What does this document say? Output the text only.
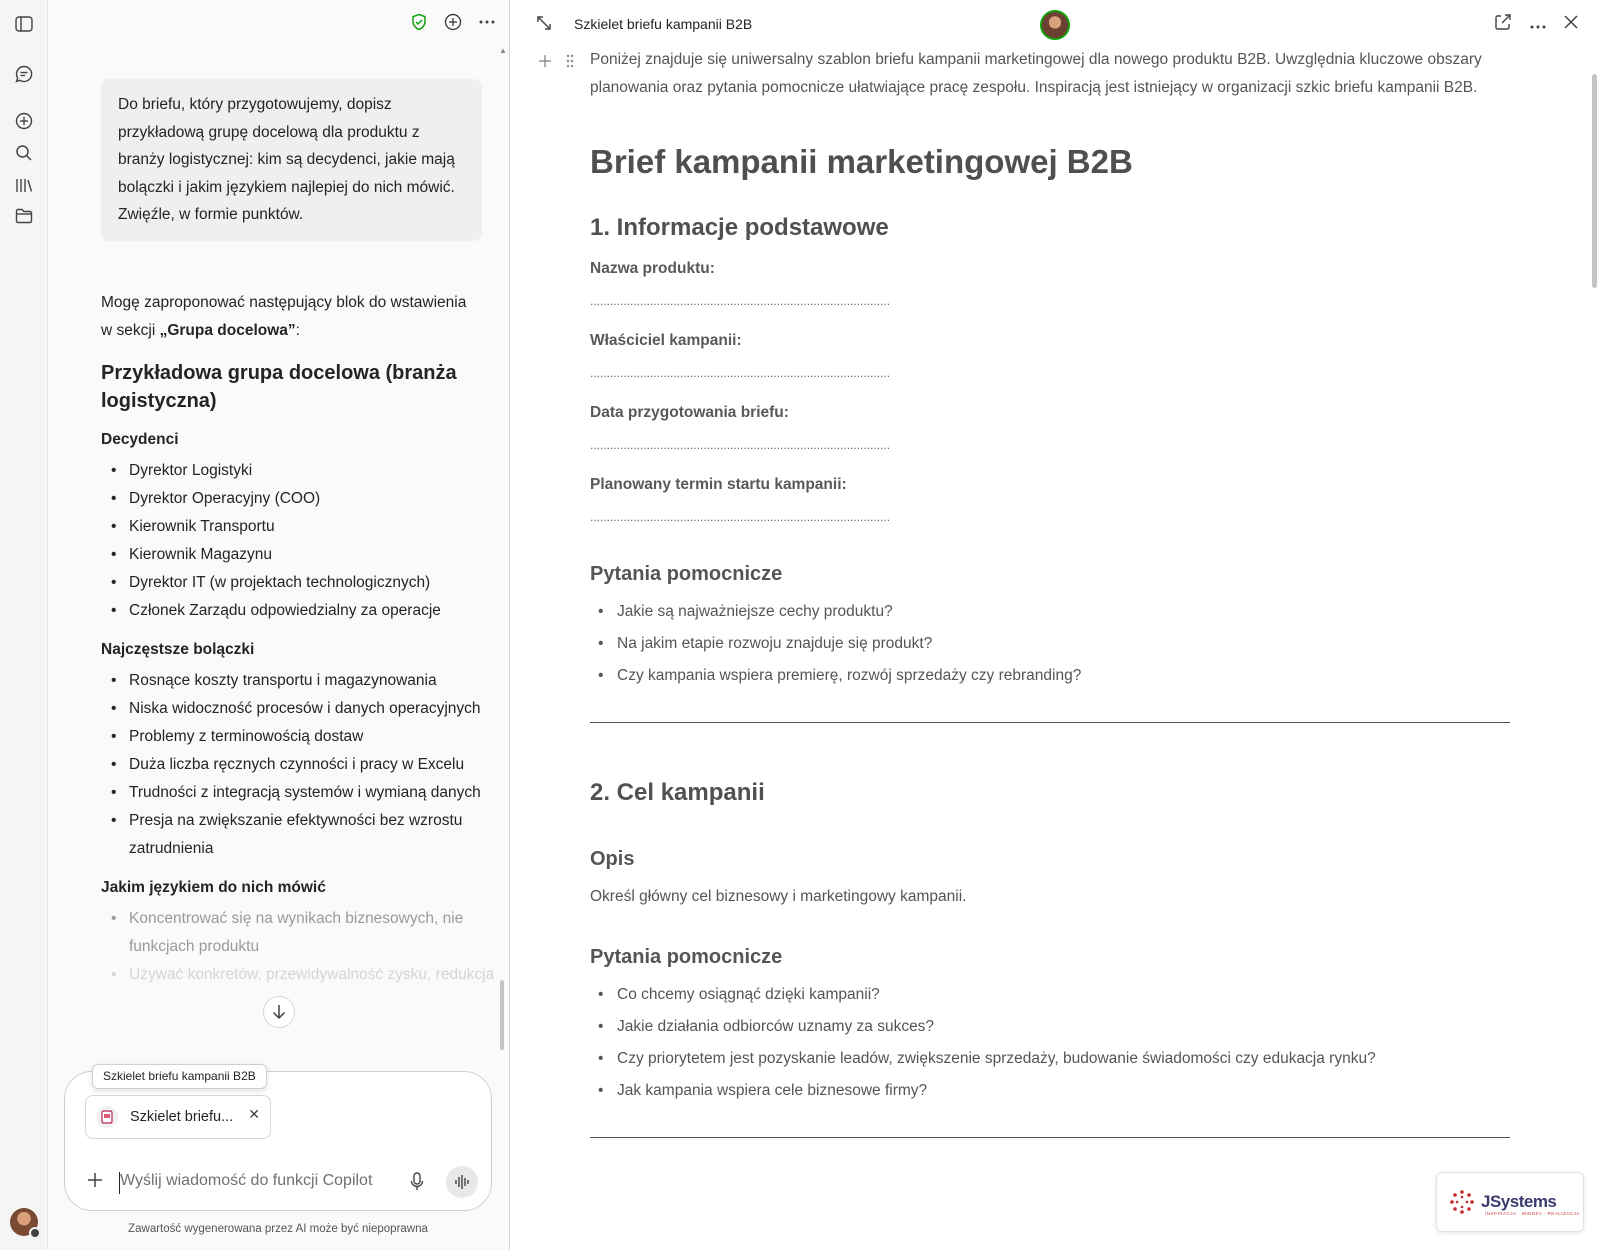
Do briefu, który przygotowujemy, dopisz przykładową grupę docelową dla produktu z branży logistycznej: kim są decydenci, jakie mają bolączki i jakim językiem najlepiej do nich mówić. Zwięźle, w formie punktów.

Mogę zaproponować następujący blok do wstawienia w sekcji „Grupa docelowa”:

Przykładowa grupa docelowa (branża logistyczna)
Decydenci
• Dyrektor Logistyki
• Dyrektor Operacyjny (COO)
• Kierownik Transportu
• Kierownik Magazynu
• Dyrektor IT (w projektach technologicznych)
• Członek Zarządu odpowiedzialny za operacje
Najczęstsze bolączki
• Rosnące koszty transportu i magazynowania
• Niska widoczność procesów i danych operacyjnych
• Problemy z terminowością dostaw
• Duża liczba ręcznych czynności i pracy w Excelu
• Trudności z integracją systemów i wymianą danych
• Presja na zwiększanie efektywności bez wzrostu zatrudnienia
Jakim językiem do nich mówić
• Koncentrować się na wynikach biznesowych, nie funkcjach produktu
• Używać konkretów, przewidywalność zysku, redukcja
▲
Szkielet briefu kampanii B2B
Szkielet briefu... ✕
Wyślij wiadomość do funkcji Copilot
Zawartość wygenerowana przez AI może być niepoprawna
Szkielet briefu kampanii B2B

Poniżej znajduje się uniwersalny szablon briefu kampanii marketingowej dla nowego produktu B2B. Uwzględnia kluczowe obszary planowania oraz pytania pomocnicze ułatwiające pracę zespołu. Inspiracją jest istniejący w organizacji szkic briefu kampanii B2B.

Brief kampanii marketingowej B2B
1. Informacje podstawowe
Nazwa produktu:
..........................................................................................
Właściciel kampanii:
..........................................................................................
Data przygotowania briefu:
..........................................................................................
Planowany termin startu kampanii:
..........................................................................................
Pytania pomocnicze
• Jakie są najważniejsze cechy produktu?
• Na jakim etapie rozwoju znajduje się produkt?
• Czy kampania wspiera premierę, rozwój sprzedaży czy rebranding?
2. Cel kampanii
Opis

Określ główny cel biznesowy i marketingowy kampanii.

Pytania pomocnicze
• Co chcemy osiągnąć dzięki kampanii?
• Jakie działania odbiorców uznamy za sukces?
• Czy priorytetem jest pozyskanie leadów, zwiększenie sprzedaży, budowanie świadomości czy edukacja rynku?
• Jak kampania wspiera cele biznesowe firmy?
JSystems
INSPIRACJA · WIEDZA · REALIZACJA
